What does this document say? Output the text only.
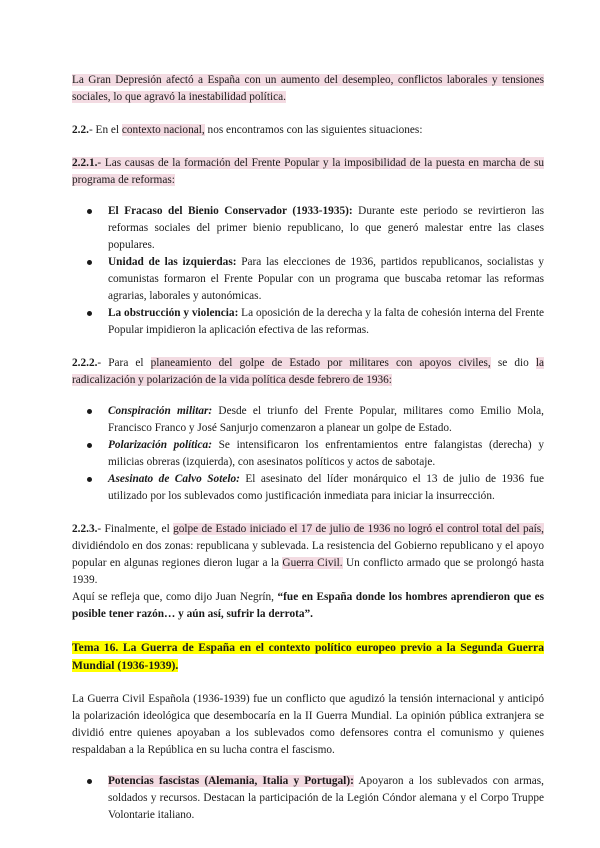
La Gran Depresión afectó a España con un aumento del desempleo, conflictos laborales y tensiones sociales, lo que agravó la inestabilidad política.

2.2.- En el contexto nacional, nos encontramos con las siguientes situaciones:

2.2.1.- Las causas de la formación del Frente Popular y la imposibilidad de la puesta en marcha de su programa de reformas:

El Fracaso del Bienio Conservador (1933-1935): Durante este periodo se revirtieron las reformas sociales del primer bienio republicano, lo que generó malestar entre las clases populares.
Unidad de las izquierdas: Para las elecciones de 1936, partidos republicanos, socialistas y comunistas formaron el Frente Popular con un programa que buscaba retomar las reformas agrarias, laborales y autonómicas.
La obstrucción y violencia: La oposición de la derecha y la falta de cohesión interna del Frente Popular impidieron la aplicación efectiva de las reformas.

2.2.2.- Para el planeamiento del golpe de Estado por militares con apoyos civiles, se dio la radicalización y polarización de la vida política desde febrero de 1936:

Conspiración militar: Desde el triunfo del Frente Popular, militares como Emilio Mola, Francisco Franco y José Sanjurjo comenzaron a planear un golpe de Estado.
Polarización política: Se intensificaron los enfrentamientos entre falangistas (derecha) y milicias obreras (izquierda), con asesinatos políticos y actos de sabotaje.
Asesinato de Calvo Sotelo: El asesinato del líder monárquico el 13 de julio de 1936 fue utilizado por los sublevados como justificación inmediata para iniciar la insurrección.

2.2.3.- Finalmente, el golpe de Estado iniciado el 17 de julio de 1936 no logró el control total del país, dividiéndolo en dos zonas: republicana y sublevada. La resistencia del Gobierno republicano y el apoyo popular en algunas regiones dieron lugar a la Guerra Civil. Un conflicto armado que se prolongó hasta 1939.

Aquí se refleja que, como dijo Juan Negrín, “fue en España donde los hombres aprendieron que es posible tener razón… y aún así, sufrir la derrota”.

Tema 16. La Guerra de España en el contexto político europeo previo a la Segunda Guerra Mundial (1936-1939).

La Guerra Civil Española (1936-1939) fue un conflicto que agudizó la tensión internacional y anticipó la polarización ideológica que desembocaría en la II Guerra Mundial. La opinión pública extranjera se dividió entre quienes apoyaban a los sublevados como defensores contra el comunismo y quienes respaldaban a la República en su lucha contra el fascismo.

Potencias fascistas (Alemania, Italia y Portugal): Apoyaron a los sublevados con armas, soldados y recursos. Destacan la participación de la Legión Cóndor alemana y el Corpo Truppe Volontarie italiano.
